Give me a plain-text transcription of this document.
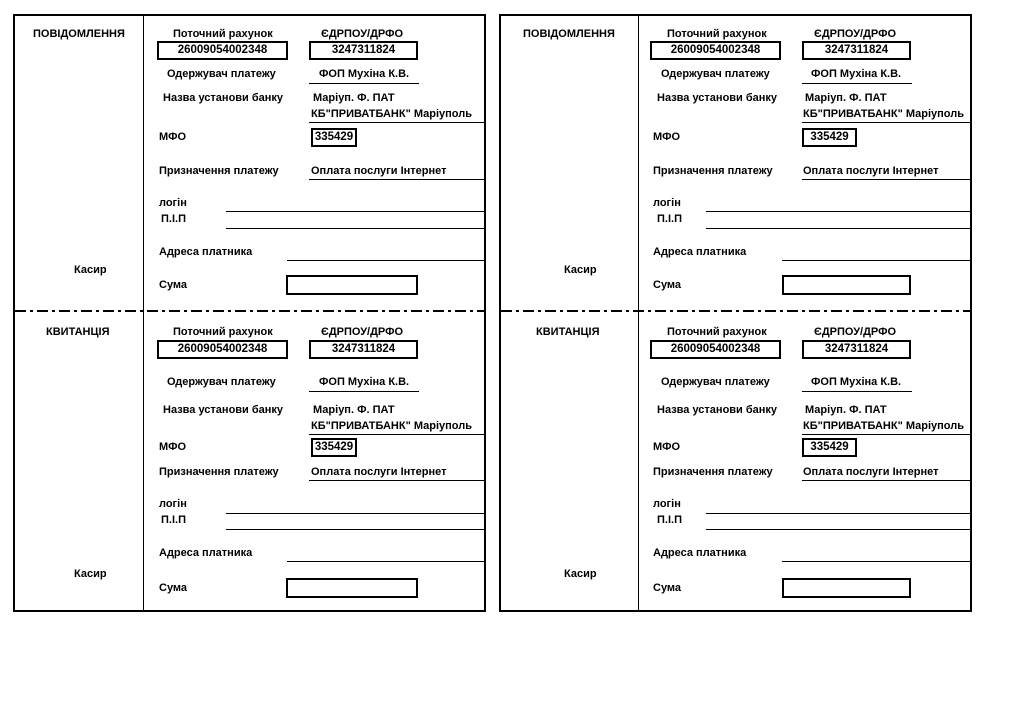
ПОВІДОМЛЕННЯ
Касир
Поточний рахунок	ЄДРПОУ/ДРФО
26009054002348	3247311824
Одержувач платежу	ФОП Мухіна К.В.
Назва установи банку	Маріуп. Ф. ПАТ
КБ"ПРИВАТБАНК" Маріуполь
МФО	335429
Призначення платежу	Оплата послуги Інтернет
логін
П.І.П
Адреса платника
Сума
КВИТАНЦІЯ
Касир
Поточний рахунок	ЄДРПОУ/ДРФО
26009054002348	3247311824
Одержувач платежу	ФОП Мухіна К.В.
Назва установи банку	Маріуп. Ф. ПАТ
КБ"ПРИВАТБАНК" Маріуполь
МФО	335429
Призначення платежу	Оплата послуги Інтернет
логін
П.І.П
Адреса платника
Сума
ПОВІДОМЛЕННЯ
Касир
Поточний рахунок	ЄДРПОУ/ДРФО
26009054002348	3247311824
Одержувач платежу	ФОП Мухіна К.В.
Назва установи банку	Маріуп. Ф. ПАТ
КБ"ПРИВАТБАНК" Маріуполь
МФО	335429
Призначення платежу	Оплата послуги Інтернет
логін
П.І.П
Адреса платника
Сума
КВИТАНЦІЯ
Касир
Поточний рахунок	ЄДРПОУ/ДРФО
26009054002348	3247311824
Одержувач платежу	ФОП Мухіна К.В.
Назва установи банку	Маріуп. Ф. ПАТ
КБ"ПРИВАТБАНК" Маріуполь
МФО	335429
Призначення платежу	Оплата послуги Інтернет
логін
П.І.П
Адреса платника
Сума
